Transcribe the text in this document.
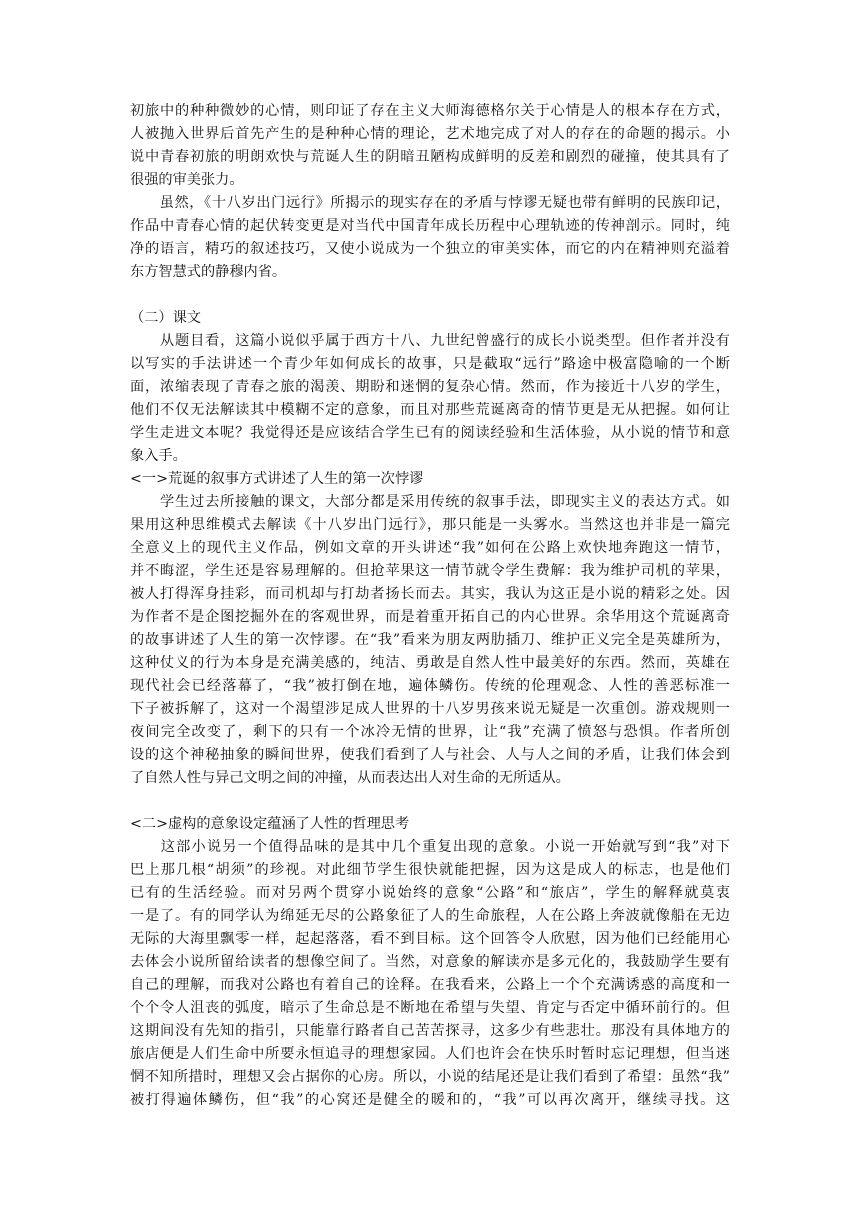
初旅中的种种微妙的心情，则印证了存在主义大师海德格尔关于心情是人的根本存在方式，
人被抛入世界后首先产生的是种种心情的理论，艺术地完成了对人的存在的命题的揭示。小
说中青春初旅的明朗欢快与荒诞人生的阴暗丑陋构成鲜明的反差和剧烈的碰撞，使其具有了
很强的审美张力。
　　虽然，《十八岁出门远行》所揭示的现实存在的矛盾与悖谬无疑也带有鲜明的民族印记，
作品中青春心情的起伏转变更是对当代中国青年成长历程中心理轨迹的传神剖示。同时，纯
净的语言，精巧的叙述技巧，又使小说成为一个独立的审美实体，而它的内在精神则充溢着
东方智慧式的静穆内省。
（二）课文
　　从题目看，这篇小说似乎属于西方十八、九世纪曾盛行的成长小说类型。但作者并没有
以写实的手法讲述一个青少年如何成长的故事，只是截取“远行”路途中极富隐喻的一个断
面，浓缩表现了青春之旅的渴羡、期盼和迷惘的复杂心情。然而，作为接近十八岁的学生，
他们不仅无法解读其中模糊不定的意象，而且对那些荒诞离奇的情节更是无从把握。如何让
学生走进文本呢？我觉得还是应该结合学生已有的阅读经验和生活体验，从小说的情节和意
象入手。
<一>荒诞的叙事方式讲述了人生的第一次悖谬
　　学生过去所接触的课文，大部分都是采用传统的叙事手法，即现实主义的表达方式。如
果用这种思维模式去解读《十八岁出门远行》，那只能是一头雾水。当然这也并非是一篇完
全意义上的现代主义作品，例如文章的开头讲述“我”如何在公路上欢快地奔跑这一情节，
并不晦涩，学生还是容易理解的。但抢苹果这一情节就令学生费解：我为维护司机的苹果，
被人打得浑身挂彩，而司机却与打劫者扬长而去。其实，我认为这正是小说的精彩之处。因
为作者不是企图挖掘外在的客观世界，而是着重开拓自己的内心世界。余华用这个荒诞离奇
的故事讲述了人生的第一次悖谬。在“我”看来为朋友两肋插刀、维护正义完全是英雄所为，
这种仗义的行为本身是充满美感的，纯洁、勇敢是自然人性中最美好的东西。然而，英雄在
现代社会已经落幕了，“我”被打倒在地，遍体鳞伤。传统的伦理观念、人性的善恶标准一
下子被拆解了，这对一个渴望涉足成人世界的十八岁男孩来说无疑是一次重创。游戏规则一
夜间完全改变了，剩下的只有一个冰冷无情的世界，让“我”充满了愤怒与恐惧。作者所创
设的这个神秘抽象的瞬间世界，使我们看到了人与社会、人与人之间的矛盾，让我们体会到
了自然人性与异己文明之间的冲撞，从而表达出人对生命的无所适从。
<二>虚构的意象设定蕴涵了人性的哲理思考
　　这部小说另一个值得品味的是其中几个重复出现的意象。小说一开始就写到“我”对下
巴上那几根“胡须”的珍视。对此细节学生很快就能把握，因为这是成人的标志，也是他们
已有的生活经验。而对另两个贯穿小说始终的意象“公路”和“旅店”，学生的解释就莫衷
一是了。有的同学认为绵延无尽的公路象征了人的生命旅程，人在公路上奔波就像船在无边
无际的大海里飘零一样，起起落落，看不到目标。这个回答令人欣慰，因为他们已经能用心
去体会小说所留给读者的想像空间了。当然，对意象的解读亦是多元化的，我鼓励学生要有
自己的理解，而我对公路也有着自己的诠释。在我看来，公路上一个个充满诱惑的高度和一
个个令人沮丧的弧度，暗示了生命总是不断地在希望与失望、肯定与否定中循环前行的。但
这期间没有先知的指引，只能靠行路者自己苦苦探寻，这多少有些悲壮。那没有具体地方的
旅店便是人们生命中所要永恒追寻的理想家园。人们也许会在快乐时暂时忘记理想，但当迷
惘不知所措时，理想又会占据你的心房。所以，小说的结尾还是让我们看到了希望：虽然“我”
被打得遍体鳞伤，但“我”的心窝还是健全的暖和的，“我”可以再次离开，继续寻找。这
